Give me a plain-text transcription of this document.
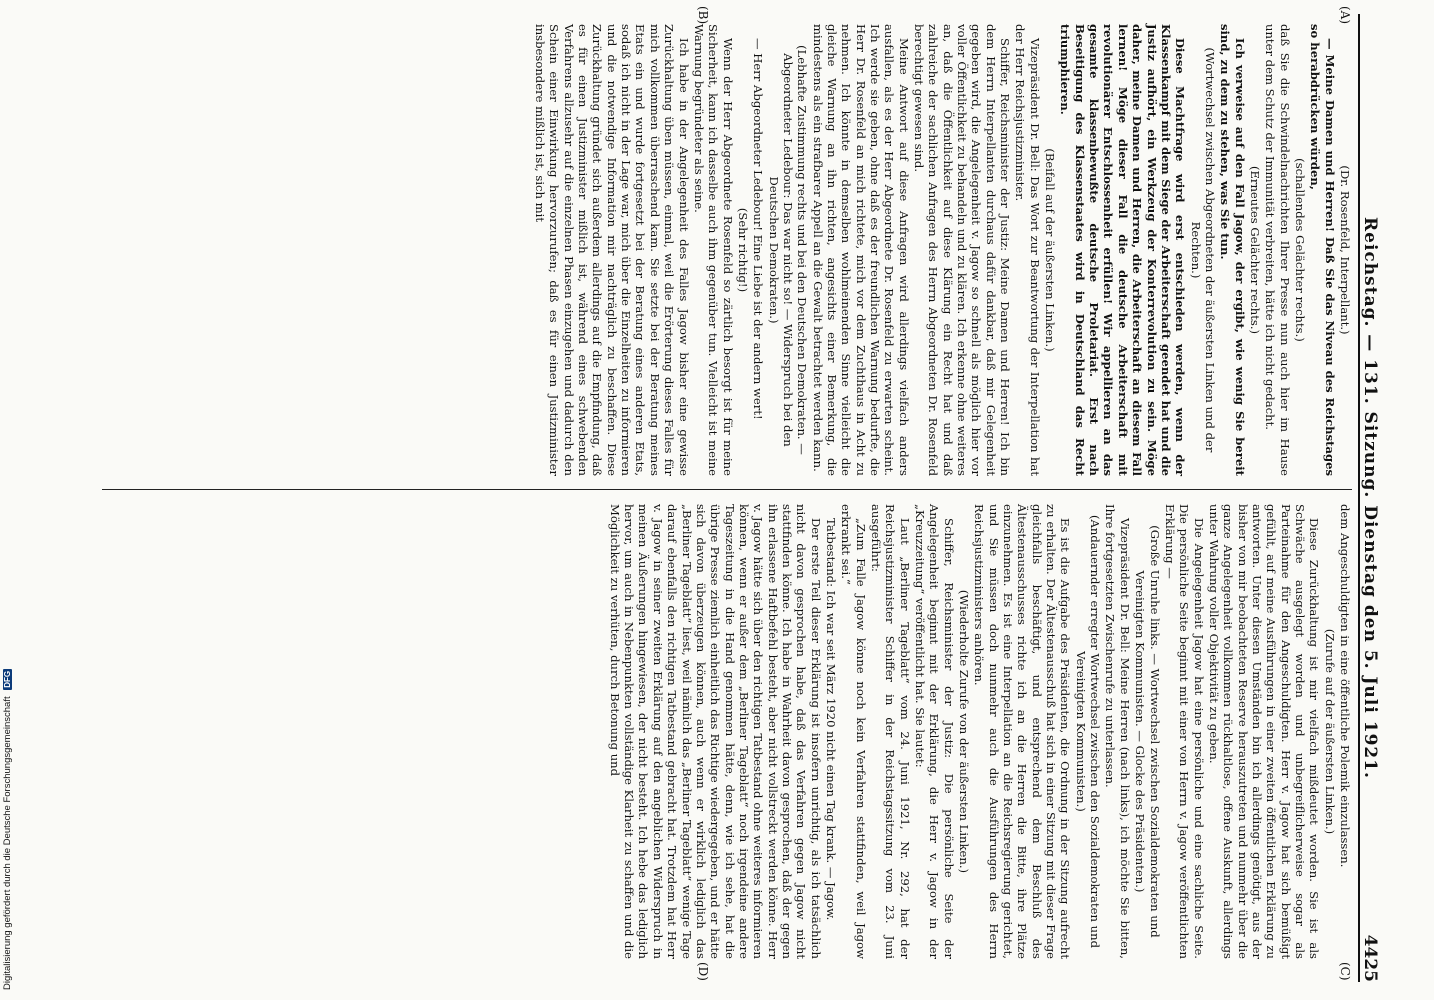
Reichstag. — 131. Sitzung. Dienstag den 5. Juli 1921.
4425
(A)
(B)
(C)
(D)

(Dr. Rosenfeld, Interpellant.)

— Meine Damen und Herren! Daß Sie das Niveau des Reichstages so herabdrücken würden,

(schallendes Gelächter rechts.)

daß Sie die Schwindelnachrichten Ihrer Presse nun auch hier im Hause unter dem Schutz der Immunität verbreiten, hätte ich nicht gedacht.

(Erneutes Gelächter rechts.)

Ich verweise auf den Fall Jagow, der ergibt, wie wenig Sie bereit sind, zu dem zu stehen, was Sie tun.

(Wortwechsel zwischen Abgeordneten der äußersten Linken und der Rechten.)

Diese Machtfrage wird erst entschieden werden, wenn der Klassenkampf mit dem Siege der Arbeiterschaft geendet hat und die Justiz aufhört, ein Werkzeug der Konterrevolution zu sein. Möge daher, meine Damen und Herren, die Arbeiterschaft an diesem Fall lernen! Möge dieser Fall die deutsche Arbeiterschaft mit revolutionärer Entschlossenheit erfüllen! Wir appellieren an das gesamte klassenbewußte deutsche Proletariat. Erst nach Beseitigung des Klassenstaates wird in Deutschland das Recht triumphieren.

(Beifall auf der äußersten Linken.)

Vizepräsident Dr. Bell: Das Wort zur Beantwortung der Interpellation hat der Herr Reichsjustizminister.

Schiffer, Reichsminister der Justiz: Meine Damen und Herren! Ich bin dem Herrn Interpellanten durchaus dafür dankbar, daß mir Gelegenheit gegeben wird, die Angelegenheit v. Jagow so schnell als möglich hier vor voller Öffentlichkeit zu behandeln und zu klären. Ich erkenne ohne weiteres an, daß die Öffentlichkeit auf diese Klärung ein Recht hat und daß zahlreiche der sachlichen Anfragen des Herrn Abgeordneten Dr. Rosenfeld berechtigt gewesen sind.

Meine Antwort auf diese Anfragen wird allerdings vielfach anders ausfallen, als es der Herr Abgeordnete Dr. Rosenfeld zu erwarten scheint. Ich werde sie geben, ohne daß es der freundlichen Warnung bedurfte, die Herr Dr. Rosenfeld an mich richtete, mich vor dem Zuchthaus in Acht zu nehmen. Ich könnte in demselben wohlmeinenden Sinne vielleicht die gleiche Warnung an ihn richten, angesichts einer Bemerkung, die mindestens als ein strafbarer Appell an die Gewalt betrachtet werden kann.

(Lebhafte Zustimmung rechts und bei den Deutschen Demokraten. — Abgeordneter Ledebour: Das war nicht so! — Widerspruch bei den Deutschen Demokraten.)

— Herr Abgeordneter Ledebour! Eine Liebe ist der andern wert!

(Sehr richtig!)

Wenn der Herr Abgeordnete Rosenfeld so zärtlich besorgt ist für meine Sicherheit, kann ich dasselbe auch ihm gegenüber tun. Vielleicht ist meine Warnung begründeter als seine.

Ich habe in der Angelegenheit des Falles Jagow bisher eine gewisse Zurückhaltung üben müssen, einmal, weil die Erörterung dieses Falles für mich vollkommen überraschend kam. Sie setzte bei der Beratung meines Etats ein und wurde fortgesetzt bei der Beratung eines anderen Etats, sodaß ich nicht in der Lage war, mich über die Einzelheiten zu informieren und die notwendige Information mir nachträglich zu beschaffen. Diese Zurückhaltung gründet sich außerdem allerdings auf die Empfindung, daß es für einen Justizminister mißlich ist, während eines schwebenden Verfahrens allzusehr auf die einzelnen Phasen einzugehen und dadurch den Schein einer Einwirkung hervorzurufen; daß es für einen Justizminister insbesondere mißlich ist, sich mit

dem Angeschuldigten in eine öffentliche Polemik einzulassen.

(Zurufe auf der äußersten Linken.)

Diese Zurückhaltung ist mir vielfach mißdeutet worden. Sie ist als Schwäche ausgelegt worden und unbegreiflicherweise sogar als Parteinahme für den Angeschuldigten. Herr v. Jagow hat sich bemüßigt gefühlt, auf meine Ausführungen in einer zweiten öffentlichen Erklärung zu antworten. Unter diesen Umständen bin ich allerdings genötigt, aus der bisher von mir beobachteten Reserve herauszutreten und nunmehr über die ganze Angelegenheit vollkommen rückhaltlose, offene Auskunft, allerdings unter Wahrung voller Objektivität zu geben.

Die Angelegenheit Jagow hat eine persönliche und eine sachliche Seite. Die persönliche Seite beginnt mit einer von Herrn v. Jagow veröffentlichten Erklärung —

(Große Unruhe links. — Wortwechsel zwischen Sozialdemokraten und Vereinigten Kommunisten. — Glocke des Präsidenten.)

Vizepräsident Dr. Bell: Meine Herren (nach links), ich möchte Sie bitten, Ihre fortgesetzten Zwischenrufe zu unterlassen.

(Andauernder erregter Wortwechsel zwischen den Sozialdemokraten und Vereinigten Kommunisten.)

Es ist die Aufgabe des Präsidenten, die Ordnung in der Sitzung aufrecht zu erhalten. Der Ältestenausschuß hat sich in einer Sitzung mit dieser Frage gleichfalls beschäftigt, und entsprechend dem Beschluß des Ältestenausschusses richte ich an die Herren die Bitte, ihre Plätze einzunehmen. Es ist eine Interpellation an die Reichsregierung gerichtet, und Sie müssen doch nunmehr auch die Ausführungen des Herrn Reichsjustizministers anhören.

(Wiederholte Zurufe von der äußersten Linken.)

Schiffer, Reichsminister der Justiz: Die persönliche Seite der Angelegenheit beginnt mit der Erklärung, die Herr v. Jagow in der „Kreuzzeitung“ veröffentlicht hat. Sie lautet:

Laut „Berliner Tageblatt“ vom 24. Juni 1921, Nr. 292, hat der Reichsjustizminister Schiffer in der Reichstagssitzung vom 23. Juni ausgeführt:

„Zum Falle Jagow könne noch kein Verfahren stattfinden, weil Jagow erkrankt sei.“

Tatbestand: Ich war seit März 1920 nicht einen Tag krank. — Jagow.

Der erste Teil dieser Erklärung ist insofern unrichtig, als ich tatsächlich nicht davon gesprochen habe, daß das Verfahren gegen Jagow nicht stattfinden könne. Ich habe in Wahrheit davon gesprochen, daß der gegen ihn erlassene Haftbefehl besteht, aber nicht vollstreckt werden könne. Herr v. Jagow hätte sich über den richtigen Tatbestand ohne weiteres informieren können, wenn er außer dem „Berliner Tageblatt“ noch irgendeine andere Tageszeitung in die Hand genommen hätte, denn, wie ich sehe, hat die übrige Presse ziemlich einheitlich das Richtige wiedergegeben, und er hätte sich davon überzeugen können, auch wenn er wirklich lediglich das „Berliner Tageblatt“ liest, weil nämlich das „Berliner Tageblatt“ wenige Tage darauf ebenfalls den richtigen Tatbestand gebracht hat. Trotzdem hat Herr v. Jagow in seiner zweiten Erklärung auf den angeblichen Widerspruch in meinen Äußerungen hingewiesen, der nicht besteht. Ich hebe das lediglich hervor, um auch in Nebenpunkten vollständige Klarheit zu schaffen und die Möglichkeit zu verhüten, durch Betonung und

Digitalisierung gefördert durch die Deutsche Forschungsgemeinschaft DFG
